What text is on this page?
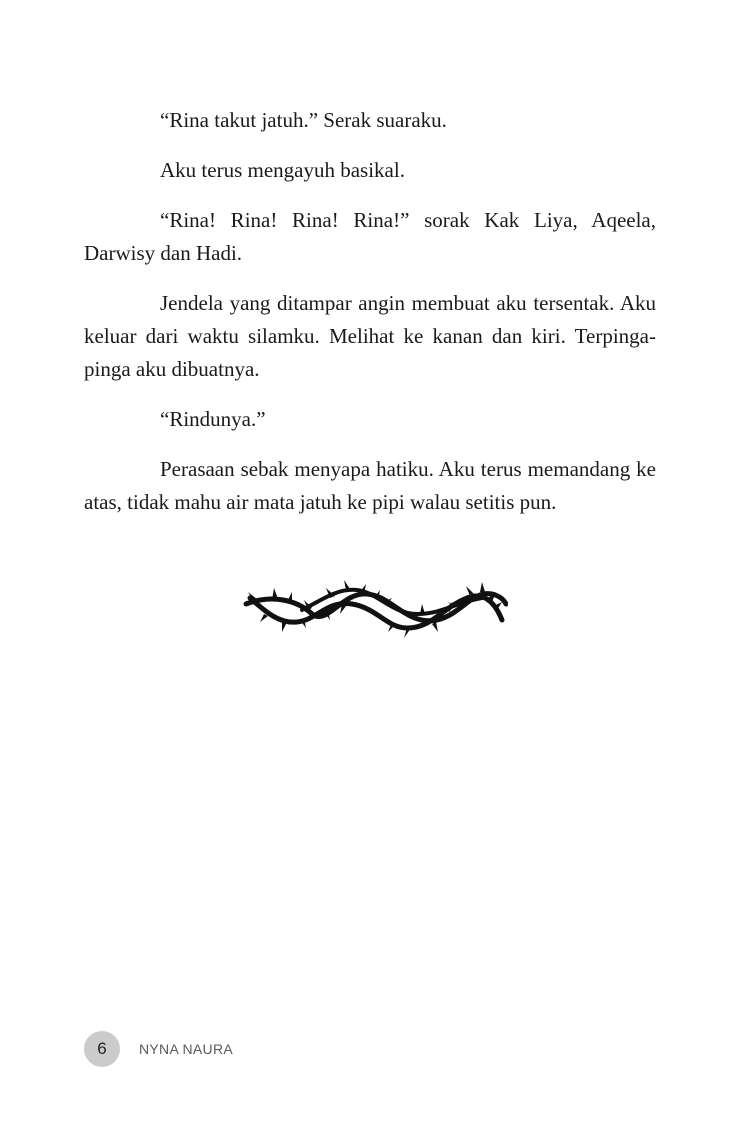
“Rina takut jatuh.” Serak suaraku.

Aku terus mengayuh basikal.

“Rina! Rina! Rina! Rina!” sorak Kak Liya, Aqeela, Darwisy dan Hadi.

Jendela yang ditampar angin membuat aku tersentak. Aku keluar dari waktu silamku. Melihat ke kanan dan kiri. Terpinga-pinga aku dibuatnya.

“Rindunya.”

Perasaan sebak menyapa hatiku. Aku terus memandang ke atas, tidak mahu air mata jatuh ke pipi walau setitis pun.

6	NYNA NAURA
